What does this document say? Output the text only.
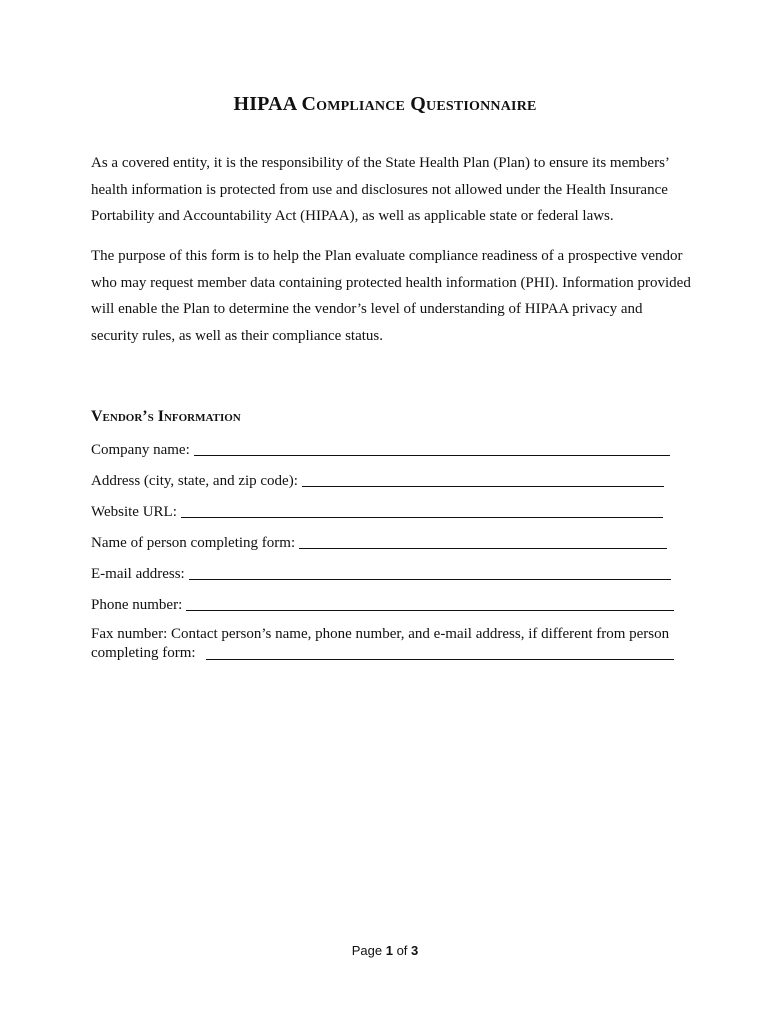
HIPAA Compliance Questionnaire
As a covered entity, it is the responsibility of the State Health Plan (Plan) to ensure its members’ health information is protected from use and disclosures not allowed under the Health Insurance Portability and Accountability Act (HIPAA), as well as applicable state or federal laws.
The purpose of this form is to help the Plan evaluate compliance readiness of a prospective vendor who may request member data containing protected health information (PHI). Information provided will enable the Plan to determine the vendor’s level of understanding of HIPAA privacy and security rules, as well as their compliance status.
Vendor’s Information
Company name:
Address (city, state, and zip code):
Website URL:
Name of person completing form:
E-mail address:
Phone number:
Fax number: Contact person’s name, phone number, and e-mail address, if different from person
completing form:
Page 1 of 3
